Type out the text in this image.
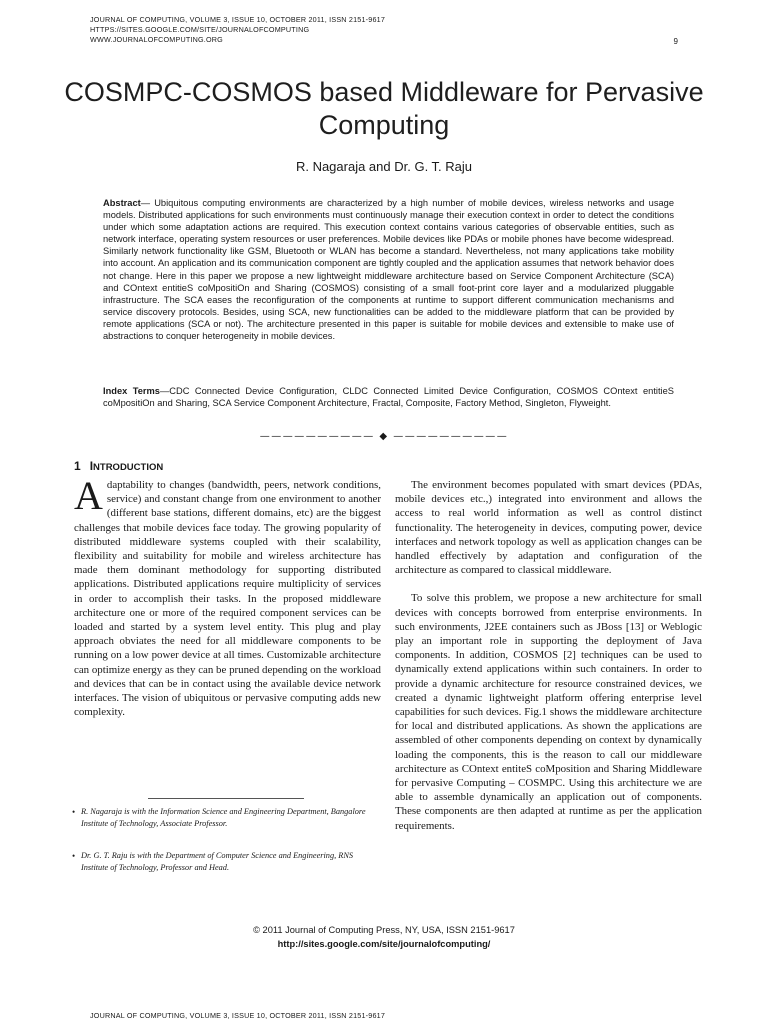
JOURNAL OF COMPUTING, VOLUME 3, ISSUE 10, OCTOBER 2011, ISSN 2151-9617
HTTPS://SITES.GOOGLE.COM/SITE/JOURNALOFCOMPUTING
WWW.JOURNALOFCOMPUTING.ORG	9
COSMPC-COSMOS based Middleware for Pervasive Computing
R. Nagaraja and Dr. G. T. Raju

Abstract— Ubiquitous computing environments are characterized by a high number of mobile devices, wireless networks and usage models. Distributed applications for such environments must continuously manage their execution context in order to detect the conditions under which some adaptation actions are required. This execution context contains various categories of observable entities, such as network interface, operating system resources or user preferences. Mobile devices like PDAs or mobile phones have become widespread. Similarly network functionality like GSM, Bluetooth or WLAN has become a standard. Nevertheless, not many applications take mobility into account. An application and its communication component are tightly coupled and the application assumes that network behavior does not change. Here in this paper we propose a new lightweight middleware architecture based on Service Component Architecture (SCA) and COntext entitieS coMpositiOn and Sharing (COSMOS) consisting of a small foot-print core layer and a modularized pluggable infrastructure. The SCA eases the reconfiguration of the components at runtime to support different communication mechanisms and service discovery protocols. Besides, using SCA, new functionalities can be added to the middleware platform that can be provided by remote applications (SCA or not). The architecture presented in this paper is suitable for mobile devices and extensible to make use of abstractions to conquer heterogeneity in mobile devices.

Index Terms—CDC Connected Device Configuration, CLDC Connected Limited Device Configuration, COSMOS COntext entitieS coMpositiOn and Sharing, SCA Service Component Architecture, Fractal, Composite, Factory Method, Singleton, Flyweight.

—————————— ◆ ——————————
1 INTRODUCTION

Adaptability to changes (bandwidth, peers, network conditions, service) and constant change from one environment to another (different base stations, different domains, etc) are the biggest challenges that mobile devices face today. The growing popularity of distributed middleware systems coupled with their scalability, flexibility and suitability for mobile and wireless architecture has made them dominant methodology for supporting distributed applications. Distributed applications require multiplicity of services in order to accomplish their tasks. In the proposed middleware architecture one or more of the required component services can be loaded and started by a system level entity. This plug and play approach obviates the need for all middleware components to be running on a low power device at all times. Customizable architecture can optimize energy as they can be pruned depending on the workload and devices that can be in contact using the available device network interfaces. The vision of ubiquitous or pervasive computing adds new complexity.

The environment becomes populated with smart devices (PDAs, mobile devices etc.,) integrated into environment and allows the access to real world information as well as control distinct functionality. The heterogeneity in devices, computing power, device interfaces and network topology as well as application changes can be handled effectively by adaptation and configuration of the architecture as compared to classical middleware.

To solve this problem, we propose a new architecture for small devices with concepts borrowed from enterprise environments. In such environments, J2EE containers such as JBoss [13] or Weblogic play an important role in supporting the deployment of Java components. In addition, COSMOS [2] techniques can be used to dynamically extend applications within such containers. In order to provide a dynamic architecture for resource constrained devices, we created a dynamic lightweight platform offering enterprise level capabilities for such devices. Fig.1 shows the middleware architecture for local and distributed applications. As shown the applications are assembled of other components depending on context by dynamically loading the components, this is the reason to call our middleware architecture as COntext entiteS coMposition and Sharing Middleware for pervasive Computing – COSMPC. Using this architecture we are able to assemble dynamically an application out of components. These components are then adapted at runtime as per the application requirements.

• R. Nagaraja is with the Information Science and Engineering Department, Bangalore Institute of Technology, Associate Professor.
• Dr. G. T. Raju is with the Department of Computer Science and Engineering, RNS Institute of Technology, Professor and Head.
© 2011 Journal of Computing Press, NY, USA, ISSN 2151-9617
http://sites.google.com/site/journalofcomputing/
JOURNAL OF COMPUTING, VOLUME 3, ISSUE 10, OCTOBER 2011, ISSN 2151-9617
